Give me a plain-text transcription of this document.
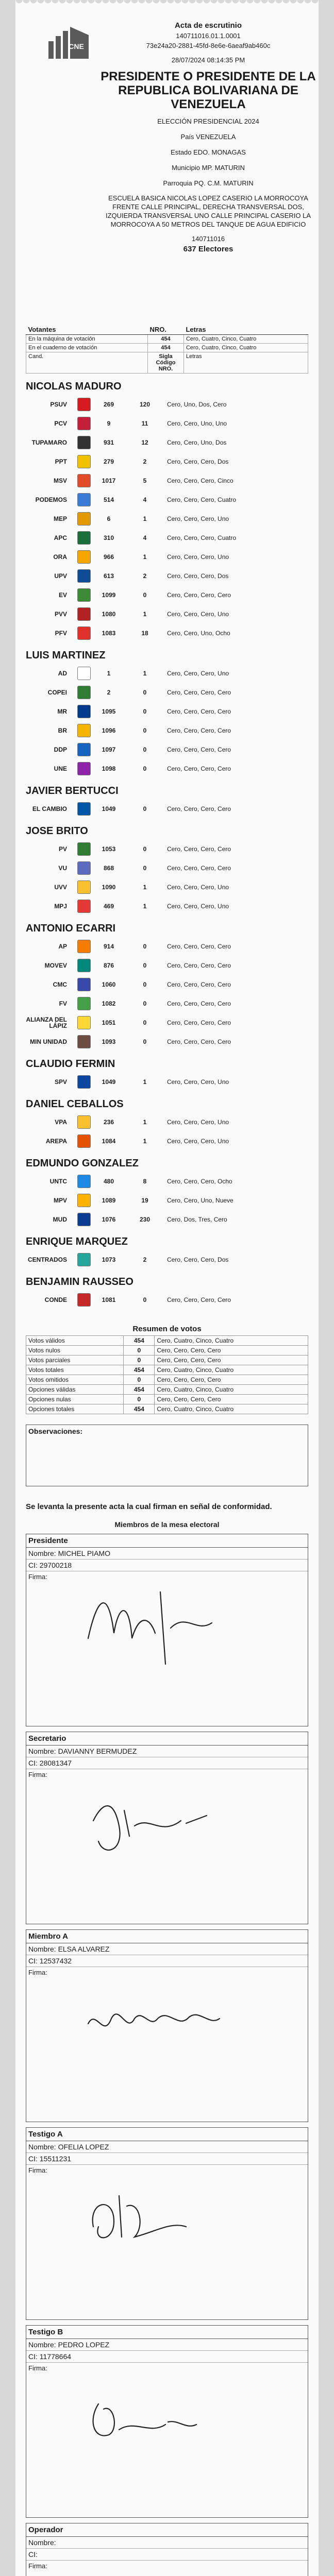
CNE
Acta de escrutinio
140711016.01.1.0001
73e24a20-2881-45fd-8e6e-6aeaf9ab460c
28/07/2024 08:14:35 PM
PRESIDENTE O PRESIDENTE DE LA REPUBLICA BOLIVARIANA DE VENEZUELA
ELECCIÓN PRESIDENCIAL 2024
País VENEZUELA
Estado EDO. MONAGAS
Municipio MP. MATURIN
Parroquia PQ. C.M. MATURIN
ESCUELA BASICA NICOLAS LOPEZ CASERIO LA MORROCOYA FRENTE CALLE PRINCIPAL, DERECHA TRANSVERSAL DOS, IZQUIERDA TRANSVERSAL UNO CALLE PRINCIPAL CASERIO LA MORROCOYA A 50 METROS DEL TANQUE DE AGUA EDIFICIO
140711016
637 Electores
Votantes	NRO.	Letras
En la máquina de votación	454	Cero, Cuatro, Cinco, Cuatro
En el cuaderno de votación	454	Cero, Cuatro, Cinco, Cuatro
Cand.	Sigla Código NRO.	Letras
NICOLAS MADURO
PSUV	269	120	Cero, Uno, Dos, Cero
PCV	9	11	Cero, Cero, Uno, Uno
TUPAMARO	931	12	Cero, Cero, Uno, Dos
PPT	279	2	Cero, Cero, Cero, Dos
MSV	1017	5	Cero, Cero, Cero, Cinco
PODEMOS	514	4	Cero, Cero, Cero, Cuatro
MEP	6	1	Cero, Cero, Cero, Uno
APC	310	4	Cero, Cero, Cero, Cuatro
ORA	966	1	Cero, Cero, Cero, Uno
UPV	613	2	Cero, Cero, Cero, Dos
EV	1099	0	Cero, Cero, Cero, Cero
PVV	1080	1	Cero, Cero, Cero, Uno
PFV	1083	18	Cero, Cero, Uno, Ocho
LUIS MARTINEZ
AD	1	1	Cero, Cero, Cero, Uno
COPEI	2	0	Cero, Cero, Cero, Cero
MR	1095	0	Cero, Cero, Cero, Cero
BR	1096	0	Cero, Cero, Cero, Cero
DDP	1097	0	Cero, Cero, Cero, Cero
UNE	1098	0	Cero, Cero, Cero, Cero
JAVIER BERTUCCI
EL CAMBIO	1049	0	Cero, Cero, Cero, Cero
JOSE BRITO
PV	1053	0	Cero, Cero, Cero, Cero
VU	868	0	Cero, Cero, Cero, Cero
UVV	1090	1	Cero, Cero, Cero, Uno
MPJ	469	1	Cero, Cero, Cero, Uno
ANTONIO ECARRI
AP	914	0	Cero, Cero, Cero, Cero
MOVEV	876	0	Cero, Cero, Cero, Cero
CMC	1060	0	Cero, Cero, Cero, Cero
FV	1082	0	Cero, Cero, Cero, Cero
ALIANZA DEL LÁPIZ	1051	0	Cero, Cero, Cero, Cero
MIN UNIDAD	1093	0	Cero, Cero, Cero, Cero
CLAUDIO FERMIN
SPV	1049	1	Cero, Cero, Cero, Uno
DANIEL CEBALLOS
VPA	236	1	Cero, Cero, Cero, Uno
AREPA	1084	1	Cero, Cero, Cero, Uno
EDMUNDO GONZALEZ
UNTC	480	8	Cero, Cero, Cero, Ocho
MPV	1089	19	Cero, Cero, Uno, Nueve
MUD	1076	230	Cero, Dos, Tres, Cero
ENRIQUE MARQUEZ
CENTRADOS	1073	2	Cero, Cero, Cero, Dos
BENJAMIN RAUSSEO
CONDE	1081	0	Cero, Cero, Cero, Cero
Resumen de votos
Votos válidos	454	Cero, Cuatro, Cinco, Cuatro
Votos nulos	0	Cero, Cero, Cero, Cero
Votos parciales	0	Cero, Cero, Cero, Cero
Votos totales	454	Cero, Cuatro, Cinco, Cuatro
Votos omitidos	0	Cero, Cero, Cero, Cero
Opciones válidas	454	Cero, Cuatro, Cinco, Cuatro
Opciones nulas	0	Cero, Cero, Cero, Cero
Opciones totales	454	Cero, Cuatro, Cinco, Cuatro
Observaciones:
Se levanta la presente acta la cual firman en señal de conformidad.
Miembros de la mesa electoral
Presidente
Nombre: MICHEL PIAMO
CI: 29700218
Firma:
Secretario
Nombre: DAVIANNY BERMUDEZ
CI: 28081347
Firma:
Miembro A
Nombre: ELSA ALVAREZ
CI: 12537432
Firma:
Testigo A
Nombre: OFELIA LOPEZ
CI: 15511231
Firma:
Testigo B
Nombre: PEDRO LOPEZ
CI: 11778664
Firma:
Operador
Nombre:
CI:
Firma:
